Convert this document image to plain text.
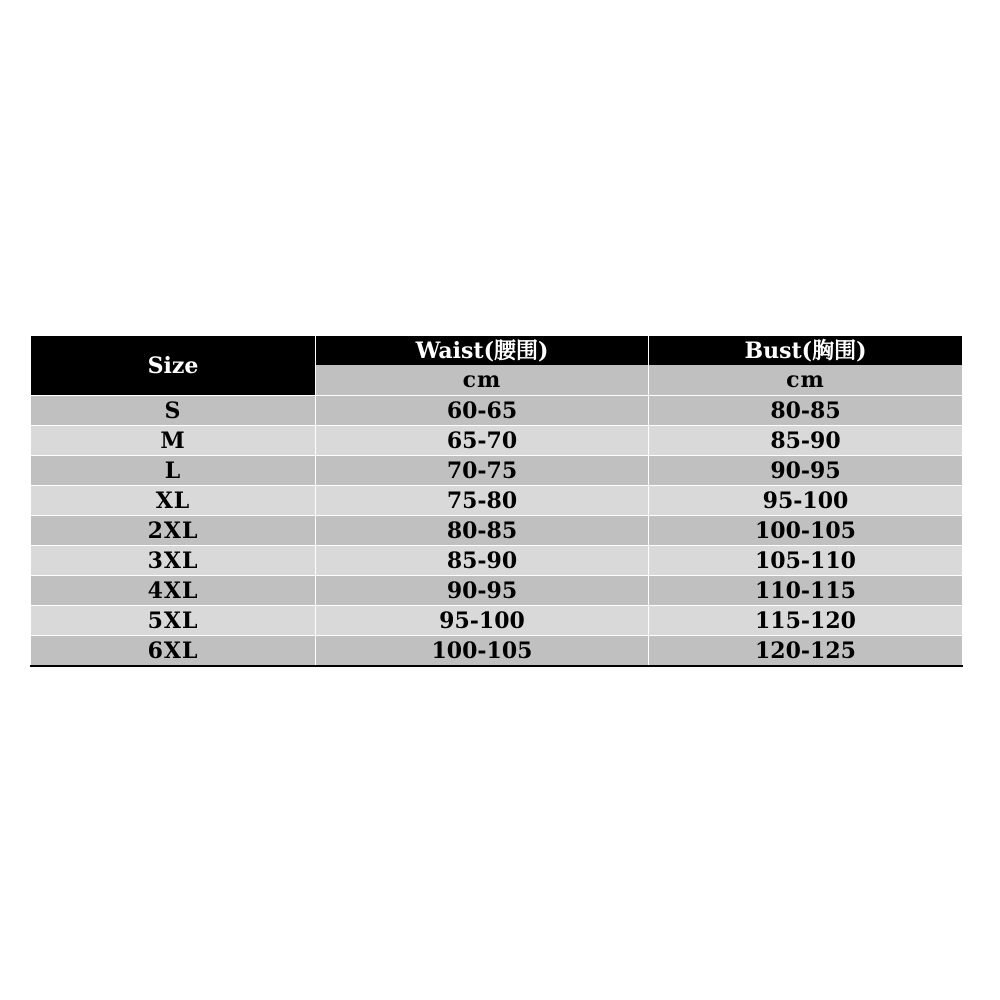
Size	Waist(腰围)	Bust(胸围)
	cm	cm
S	60-65	80-85
M	65-70	85-90
L	70-75	90-95
XL	75-80	95-100
2XL	80-85	100-105
3XL	85-90	105-110
4XL	90-95	110-115
5XL	95-100	115-120
6XL	100-105	120-125
